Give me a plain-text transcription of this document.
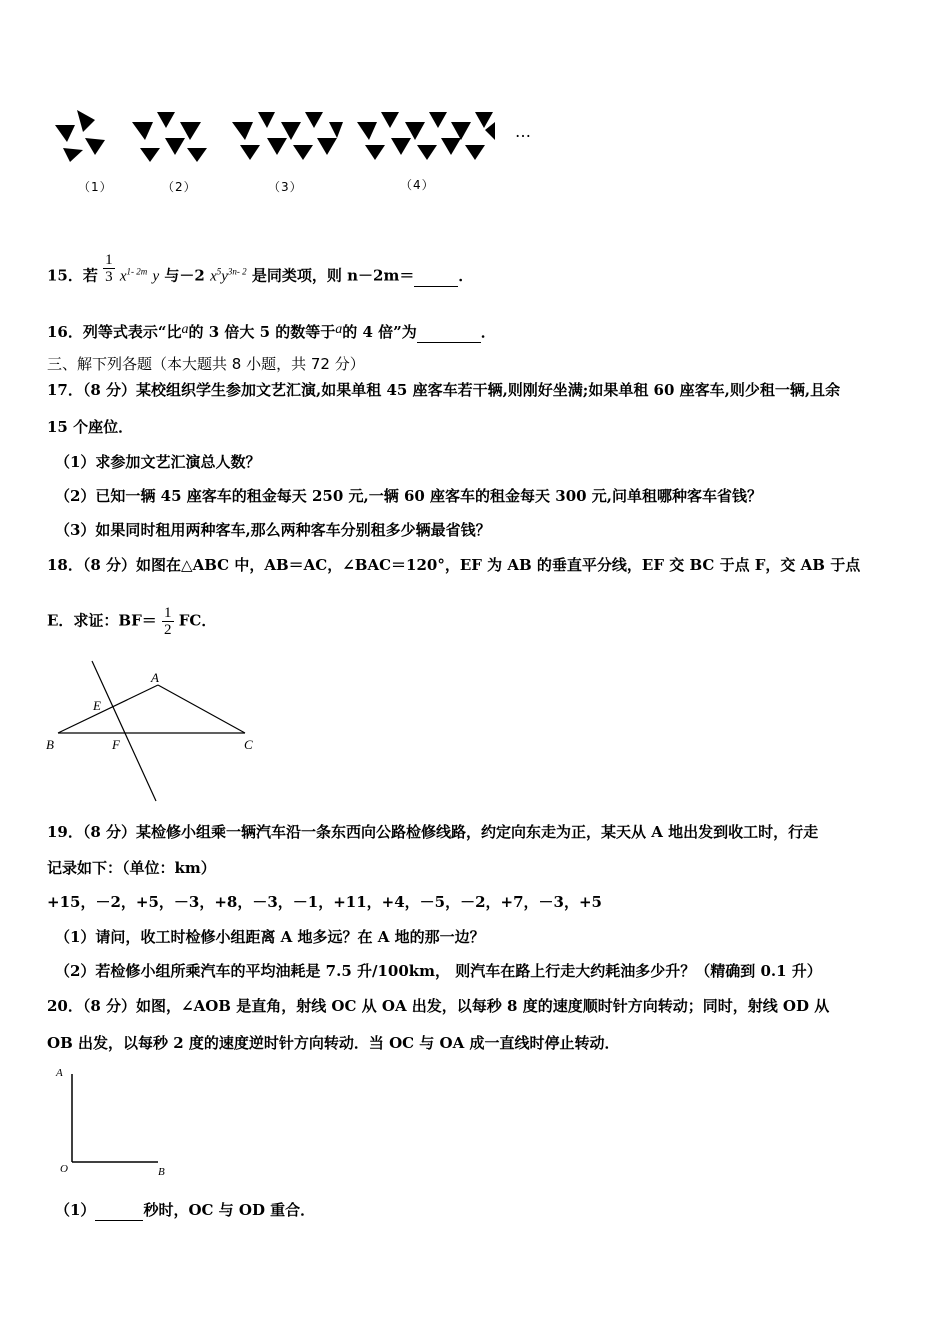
（1）	（2）	（3）	（4）
…
15．若 $\frac{1}{3} x^{1- 2m}$ y 与－2 $x^5y^{3n- 2}$ 是同类项，则 n－2m＝	．
16．列等式表示“比a的 3 倍大 5 的数等于a的 4 倍”为	．
三、解下列各题（本大题共 8 小题，共 72 分）
17．（8 分）某校组织学生参加文艺汇演,如果单租 45 座客车若干辆,则刚好坐满;如果单租 60 座客车,则少租一辆,且余
15 个座位．
（1）求参加文艺汇演总人数？
（2）已知一辆 45 座客车的租金每天 250 元,一辆 60 座客车的租金每天 300 元,问单租哪种客车省钱？
（3）如果同时租用两种客车,那么两种客车分别租多少辆最省钱？
18．（8 分）如图在△ABC 中，AB＝AC，∠BAC＝120°，EF 为 AB 的垂直平分线，EF 交 BC 于点 F，交 AB 于点
E．求证：$BF= \frac{1}{2}$ FC．
B
A
C
E
F
19．（8 分）某检修小组乘一辆汽车沿一条东西向公路检修线路，约定向东走为正，某天从 A 地出发到收工时，行走
记录如下：（单位：km）
+15，－2，+5，－3，+8，－3，－1，+11，+4，－5，－2，+7，－3，+5
（1）请问，收工时检修小组距离 A 地多远？在 A 地的那一边？
（2）若检修小组所乘汽车的平均油耗是 7.5 升/100km， 则汽车在路上行走大约耗油多少升？（精确到 0.1 升）
20．（8 分）如图，∠AOB 是直角，射线 OC 从 OA 出发，以每秒 8 度的速度顺时针方向转动；同时，射线 OD 从
OB 出发，以每秒 2 度的速度逆时针方向转动．当 OC 与 OA 成一直线时停止转动．
A
O	B
（1）	秒时，OC 与 OD 重合．
